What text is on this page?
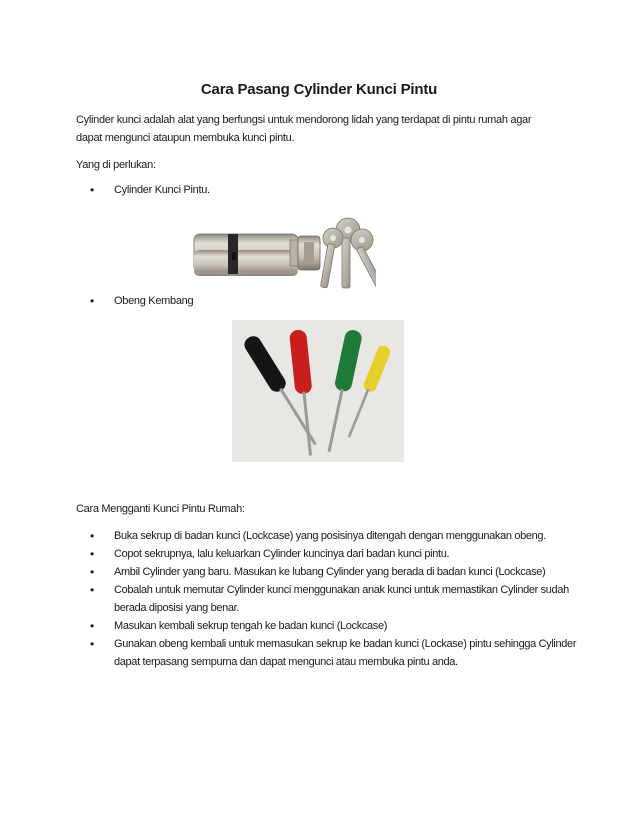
Cara Pasang Cylinder Kunci Pintu
Cylinder kunci adalah alat yang berfungsi untuk mendorong lidah yang terdapat di pintu rumah agar
dapat mengunci ataupun membuka kunci pintu.
Yang di perlukan:
• Cylinder Kunci Pintu.
• Obeng Kembang
Cara Mengganti Kunci Pintu Rumah:
• Buka sekrup di badan kunci (Lockcase) yang posisinya ditengah dengan menggunakan obeng.
• Copot sekrupnya, lalu keluarkan Cylinder kuncinya dari badan kunci pintu.
• Ambil Cylinder yang baru. Masukan ke lubang Cylinder yang berada di badan kunci (Lockcase)
• Cobalah untuk memutar Cylinder kunci menggunakan anak kunci untuk memastikan Cylinder sudah berada diposisi yang benar.
• Masukan kembali sekrup tengah ke badan kunci (Lockcase)
• Gunakan obeng kembali untuk memasukan sekrup ke badan kunci (Lockase) pintu sehingga Cylinder dapat terpasang sempurna dan dapat mengunci atau membuka pintu anda.
